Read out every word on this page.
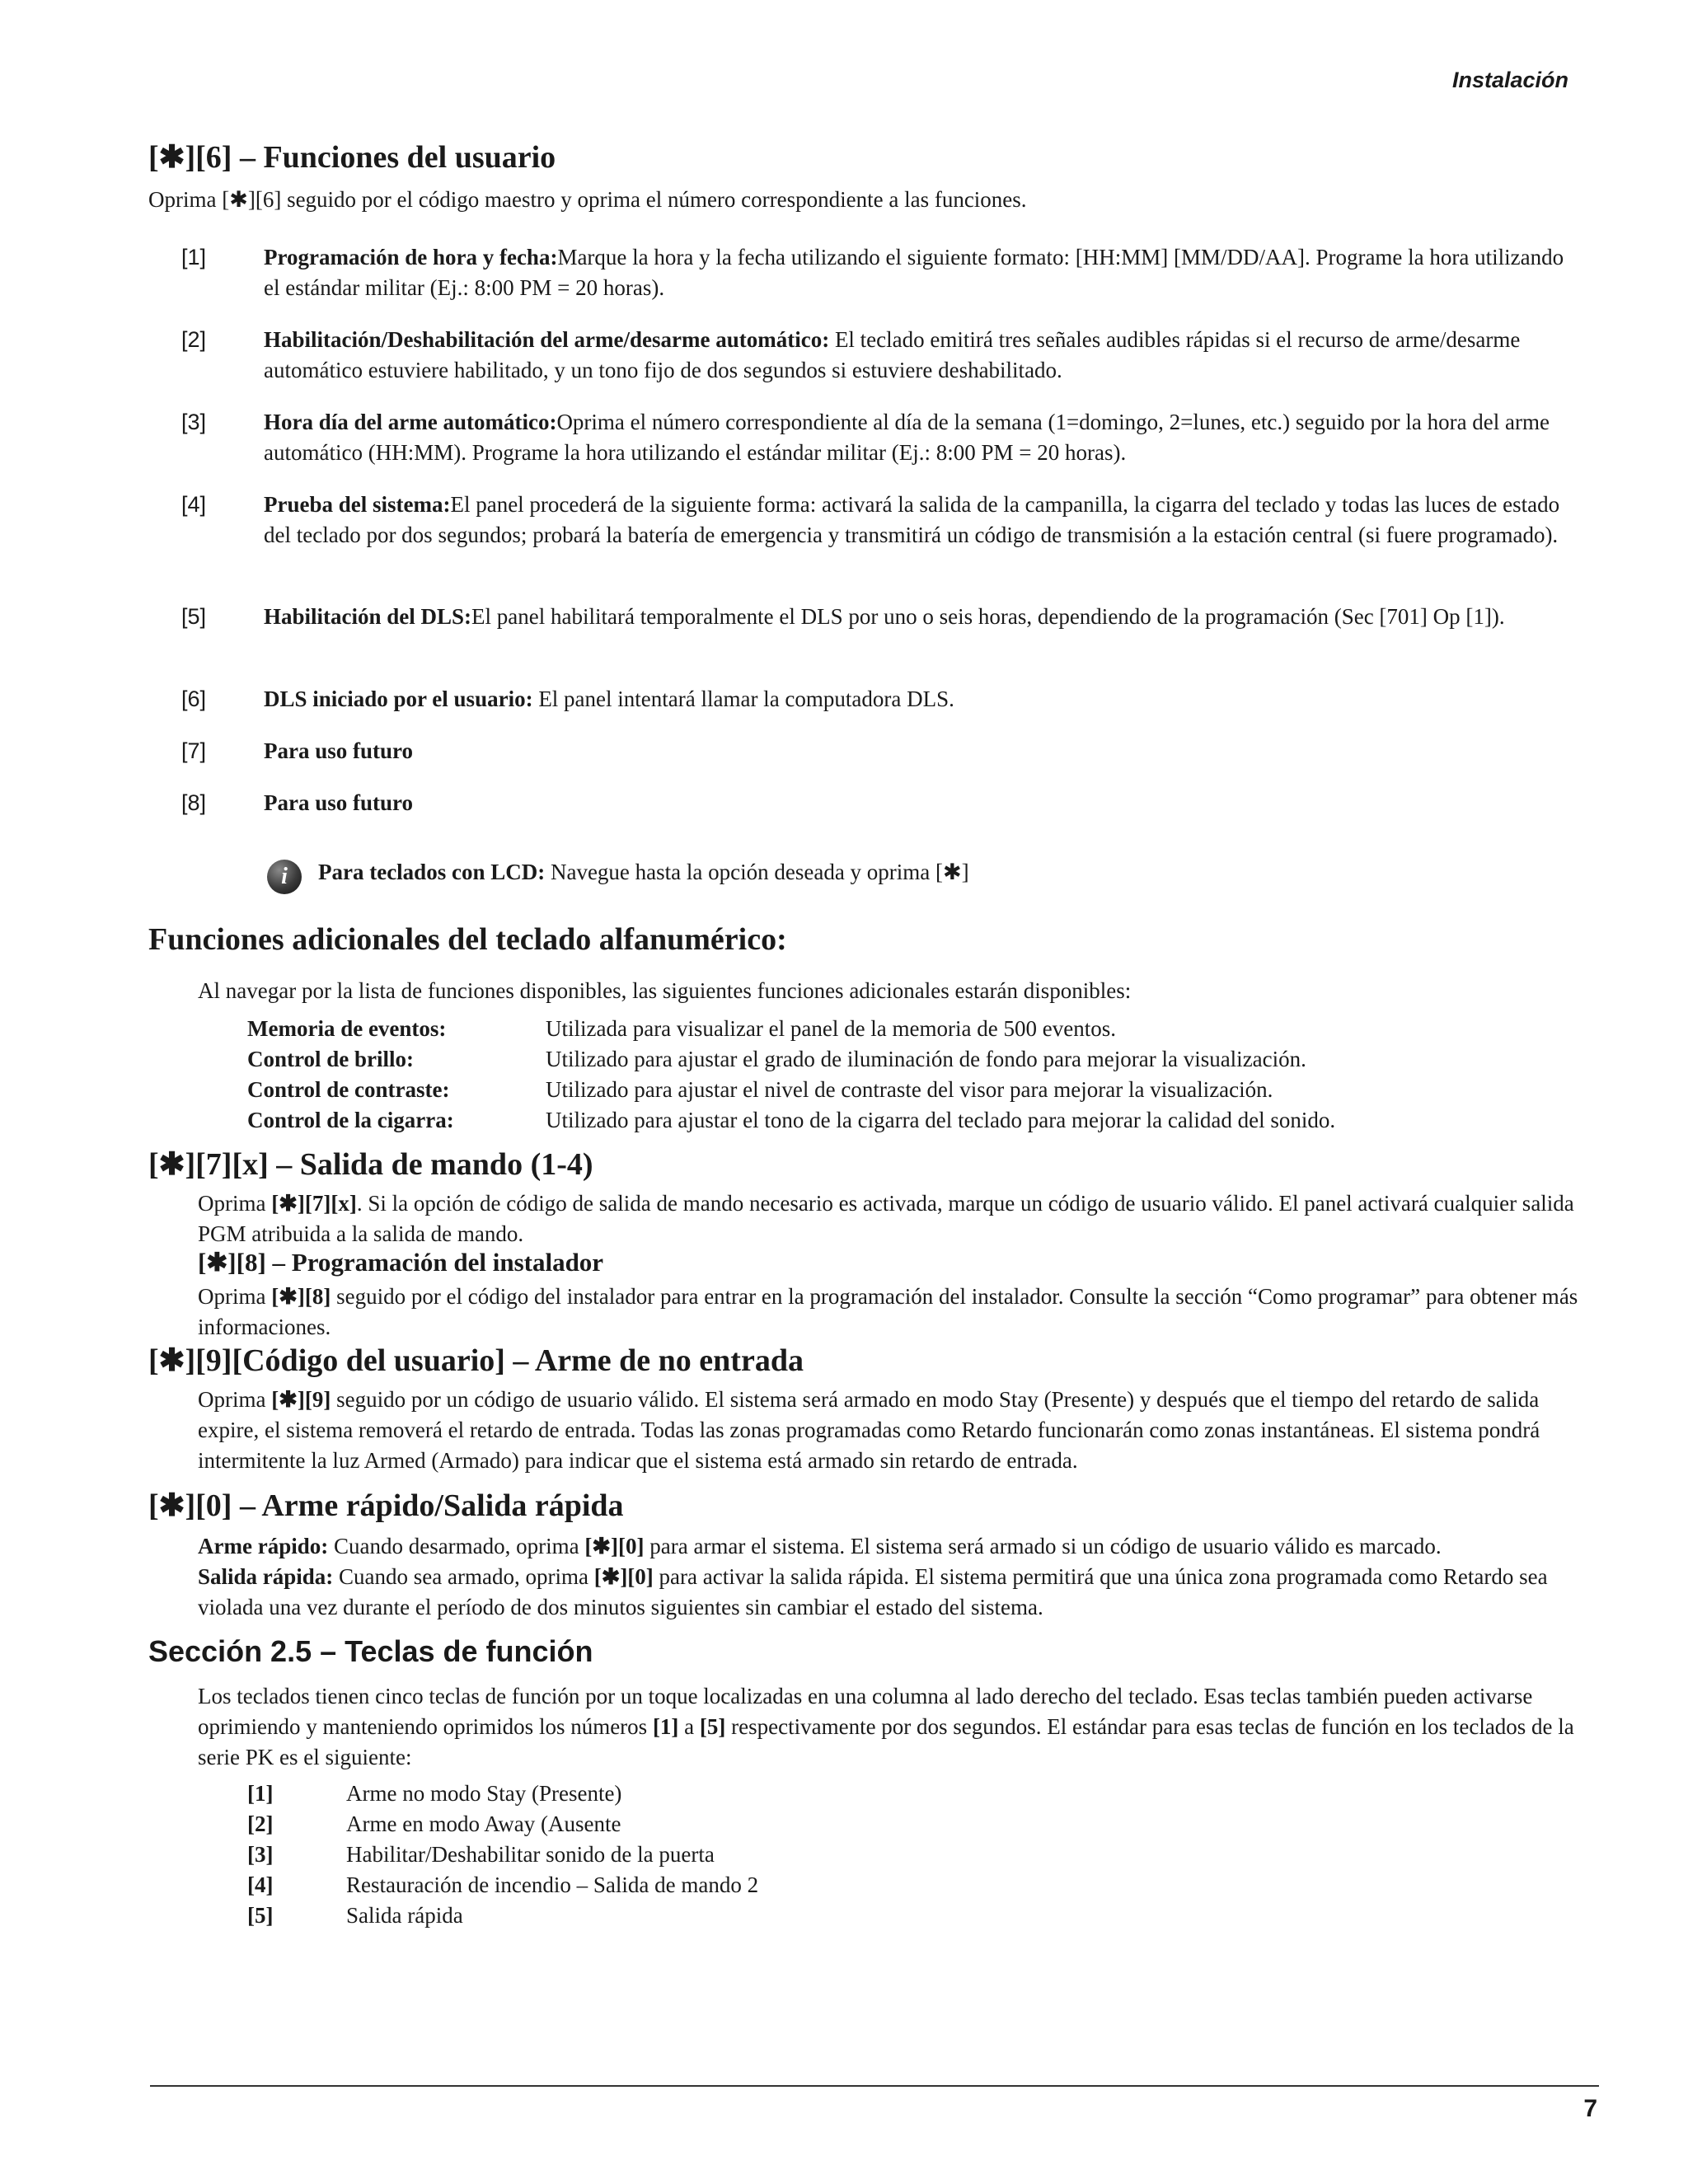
Instalación
[✱][6] – Funciones del usuario
Oprima [✱][6] seguido por el código maestro y oprima el número correspondiente a las funciones.
[1]	Programación de hora y fecha:Marque la hora y la fecha utilizando el siguiente formato: [HH:MM] [MM/DD/AA]. Programe la hora utilizando el estándar militar (Ej.: 8:00 PM = 20 horas).
[2]	Habilitación/Deshabilitación del arme/desarme automático: El teclado emitirá tres señales audibles rápidas si el recurso de arme/desarme automático estuviere habilitado, y un tono fijo de dos segundos si estuviere deshabilitado.
[3]	Hora día del arme automático:Oprima el número correspondiente al día de la semana (1=domingo, 2=lunes, etc.) seguido por la hora del arme automático (HH:MM). Programe la hora utilizando el estándar militar (Ej.: 8:00 PM = 20 horas).
[4]	Prueba del sistema:El panel procederá de la siguiente forma: activará la salida de la campanilla, la cigarra del teclado y todas las luces de estado del teclado por dos segundos; probará la batería de emergencia y transmitirá un código de transmisión a la estación central (si fuere programado).
[5]	Habilitación del DLS:El panel habilitará temporalmente el DLS por uno o seis horas, dependiendo de la programación (Sec [701] Op [1]).
[6]	DLS iniciado por el usuario: El panel intentará llamar la computadora DLS.
[7]	Para uso futuro
[8]	Para uso futuro
i	Para teclados con LCD: Navegue hasta la opción deseada y oprima [✱]
Funciones adicionales del teclado alfanumérico:
Al navegar por la lista de funciones disponibles, las siguientes funciones adicionales estarán disponibles:
Memoria de eventos:	Utilizada para visualizar el panel de la memoria de 500 eventos.
Control de brillo:	Utilizado para ajustar el grado de iluminación de fondo para mejorar la visualización.
Control de contraste:	Utilizado para ajustar el nivel de contraste del visor para mejorar la visualización.
Control de la cigarra:	Utilizado para ajustar el tono de la cigarra del teclado para mejorar la calidad del sonido.
[✱][7][x] – Salida de mando (1-4)
Oprima [✱][7][x]. Si la opción de código de salida de mando necesario es activada, marque un código de usuario válido. El panel activará cualquier salida PGM atribuida a la salida de mando.
[✱][8] – Programación del instalador
Oprima [✱][8] seguido por el código del instalador para entrar en la programación del instalador. Consulte la sección “Como programar” para obtener más informaciones.
[✱][9][Código del usuario] – Arme de no entrada
Oprima [✱][9] seguido por un código de usuario válido. El sistema será armado en modo Stay (Presente) y después que el tiempo del retardo de salida expire, el sistema removerá el retardo de entrada. Todas las zonas programadas como Retardo funcionarán como zonas instantáneas. El sistema pondrá intermitente la luz Armed (Armado) para indicar que el sistema está armado sin retardo de entrada.
[✱][0] – Arme rápido/Salida rápida
Arme rápido: Cuando desarmado, oprima [✱][0] para armar el sistema. El sistema será armado si un código de usuario válido es marcado.
Salida rápida: Cuando sea armado, oprima [✱][0] para activar la salida rápida. El sistema permitirá que una única zona programada como Retardo sea violada una vez durante el período de dos minutos siguientes sin cambiar el estado del sistema.
Sección 2.5 – Teclas de función
Los teclados tienen cinco teclas de función por un toque localizadas en una columna al lado derecho del teclado. Esas teclas también pueden activarse oprimiendo y manteniendo oprimidos los números [1] a [5] respectivamente por dos segundos. El estándar para esas teclas de función en los teclados de la serie PK es el siguiente:
[1]	Arme no modo Stay (Presente)
[2]	Arme en modo Away (Ausente
[3]	Habilitar/Deshabilitar sonido de la puerta
[4]	Restauración de incendio – Salida de mando 2
[5]	Salida rápida
7
